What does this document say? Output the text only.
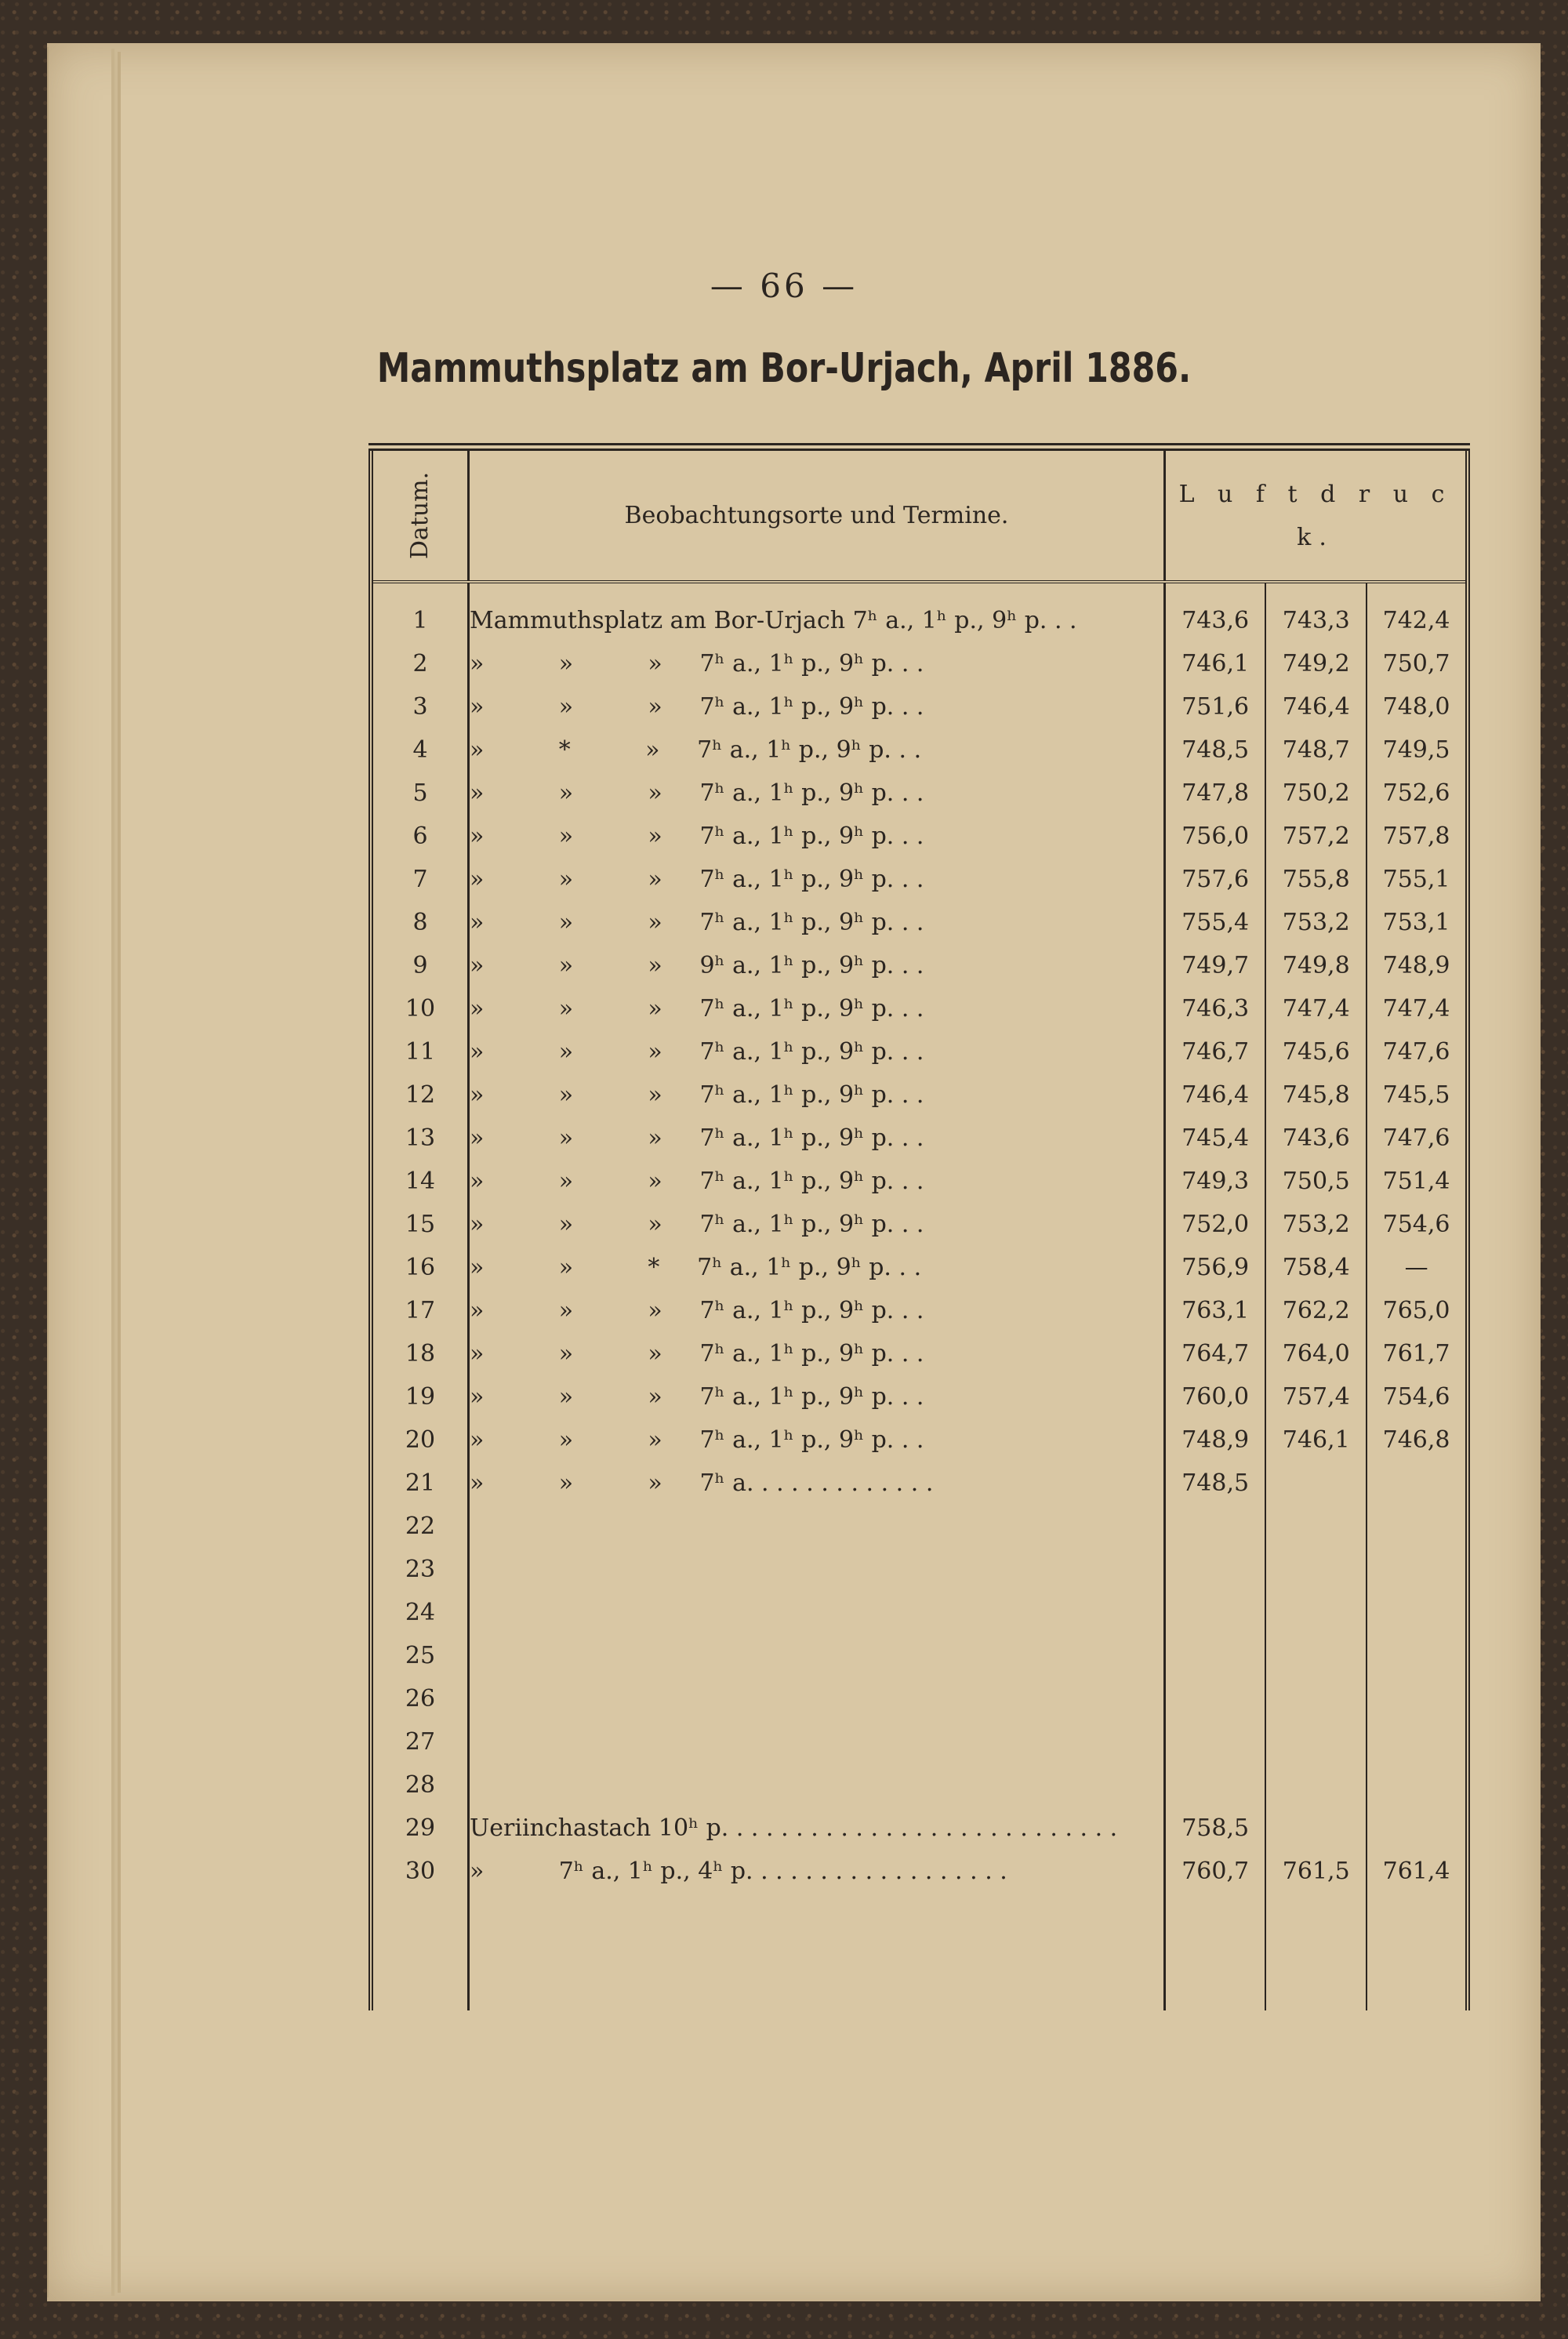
— 66 —
Mammuthsplatz am Bor-Urjach, April 1886.
Datum.	Beobachtungsorte und Termine.	L u f t d r u c k.		

1	Mammuthsplatz am Bor-Urjach 7ʰ a., 1ʰ p., 9ʰ p. . .	743,6	743,3	742,4
2	»          »          »     7ʰ a., 1ʰ p., 9ʰ p. . .	746,1	749,2	750,7
3	»          »          »     7ʰ a., 1ʰ p., 9ʰ p. . .	751,6	746,4	748,0
4	»          *          »     7ʰ a., 1ʰ p., 9ʰ p. . .	748,5	748,7	749,5
5	»          »          »     7ʰ a., 1ʰ p., 9ʰ p. . .	747,8	750,2	752,6
6	»          »          »     7ʰ a., 1ʰ p., 9ʰ p. . .	756,0	757,2	757,8
7	»          »          »     7ʰ a., 1ʰ p., 9ʰ p. . .	757,6	755,8	755,1
8	»          »          »     7ʰ a., 1ʰ p., 9ʰ p. . .	755,4	753,2	753,1
9	»          »          »     9ʰ a., 1ʰ p., 9ʰ p. . .	749,7	749,8	748,9
10	»          »          »     7ʰ a., 1ʰ p., 9ʰ p. . .	746,3	747,4	747,4
11	»          »          »     7ʰ a., 1ʰ p., 9ʰ p. . .	746,7	745,6	747,6
12	»          »          »     7ʰ a., 1ʰ p., 9ʰ p. . .	746,4	745,8	745,5
13	»          »          »     7ʰ a., 1ʰ p., 9ʰ p. . .	745,4	743,6	747,6
14	»          »          »     7ʰ a., 1ʰ p., 9ʰ p. . .	749,3	750,5	751,4
15	»          »          »     7ʰ a., 1ʰ p., 9ʰ p. . .	752,0	753,2	754,6
16	»          »          *     7ʰ a., 1ʰ p., 9ʰ p. . .	756,9	758,4	—
17	»          »          »     7ʰ a., 1ʰ p., 9ʰ p. . .	763,1	762,2	765,0
18	»          »          »     7ʰ a., 1ʰ p., 9ʰ p. . .	764,7	764,0	761,7
19	»          »          »     7ʰ a., 1ʰ p., 9ʰ p. . .	760,0	757,4	754,6
20	»          »          »     7ʰ a., 1ʰ p., 9ʰ p. . .	748,9	746,1	746,8
21	»          »          »     7ʰ a. . . . . . . . . . . . .	748,5		
22				
23				
24				
25				
26				
27				
28				
29	Ueriinchastach 10ʰ p. . . . . . . . . . . . . . . . . . . . . . . . . . .	758,5		
30	»          7ʰ a., 1ʰ p., 4ʰ p. . . . . . . . . . . . . . . . . .	760,7	761,5	761,4
